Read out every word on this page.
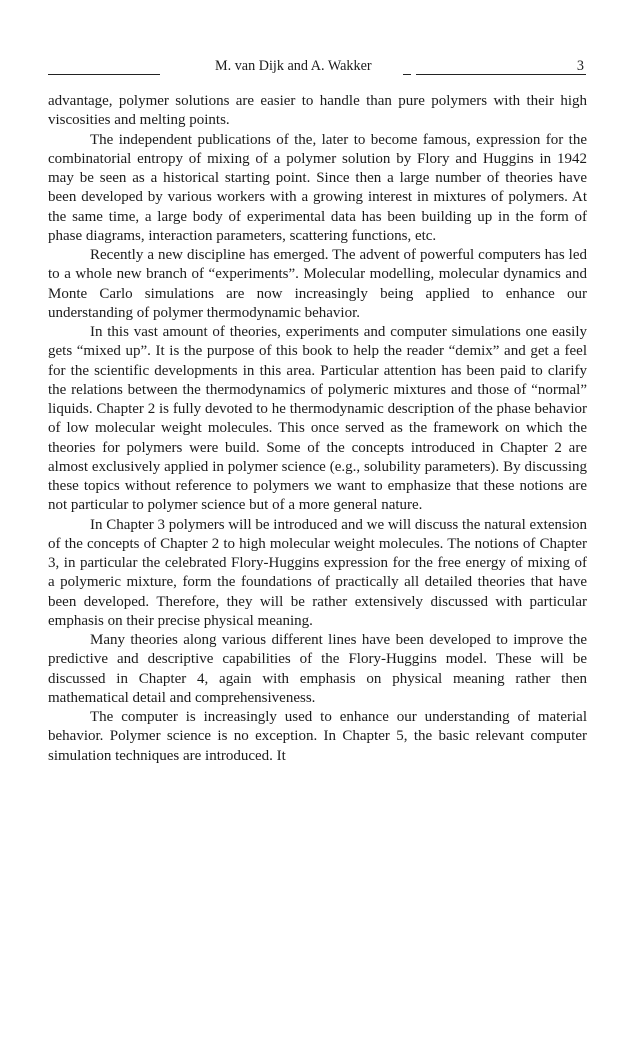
M. van Dijk and A. Wakker	3

advantage, polymer solutions are easier to handle than pure polymers with their high viscosities and melting points.

The independent publications of the, later to become famous, expression for the combinatorial entropy of mixing of a polymer solution by Flory and Huggins in 1942 may be seen as a historical starting point. Since then a large number of theories have been developed by various workers with a growing interest in mixtures of polymers. At the same time, a large body of experimental data has been building up in the form of phase diagrams, interaction parameters, scattering functions, etc.

Recently a new discipline has emerged. The advent of powerful computers has led to a whole new branch of “experiments”. Molecular modelling, molecular dynamics and Monte Carlo simulations are now increasingly being applied to enhance our understanding of polymer thermodynamic behavior.

In this vast amount of theories, experiments and computer simulations one easily gets “mixed up”. It is the purpose of this book to help the reader “demix” and get a feel for the scientific developments in this area. Particular attention has been paid to clarify the relations between the thermodynamics of polymeric mixtures and those of “normal” liquids. Chapter 2 is fully devoted to he thermodynamic description of the phase behavior of low molecular weight molecules. This once served as the framework on which the theories for polymers were build. Some of the concepts introduced in Chapter 2 are almost exclusively applied in polymer science (e.g., solubility parameters). By discussing these topics without reference to polymers we want to emphasize that these notions are not particular to polymer science but of a more general nature.

In Chapter 3 polymers will be introduced and we will discuss the natural extension of the concepts of Chapter 2 to high molecular weight molecules. The notions of Chapter 3, in particular the celebrated Flory-Huggins expression for the free energy of mixing of a polymeric mixture, form the foundations of practically all detailed theories that have been developed. Therefore, they will be rather extensively discussed with particular emphasis on their precise physical meaning.

Many theories along various different lines have been developed to improve the predictive and descriptive capabilities of the Flory-Huggins model. These will be discussed in Chapter 4, again with emphasis on physical meaning rather then mathematical detail and comprehensiveness.

The computer is increasingly used to enhance our understanding of material behavior. Polymer science is no exception. In Chapter 5, the basic relevant computer simulation techniques are introduced. It
